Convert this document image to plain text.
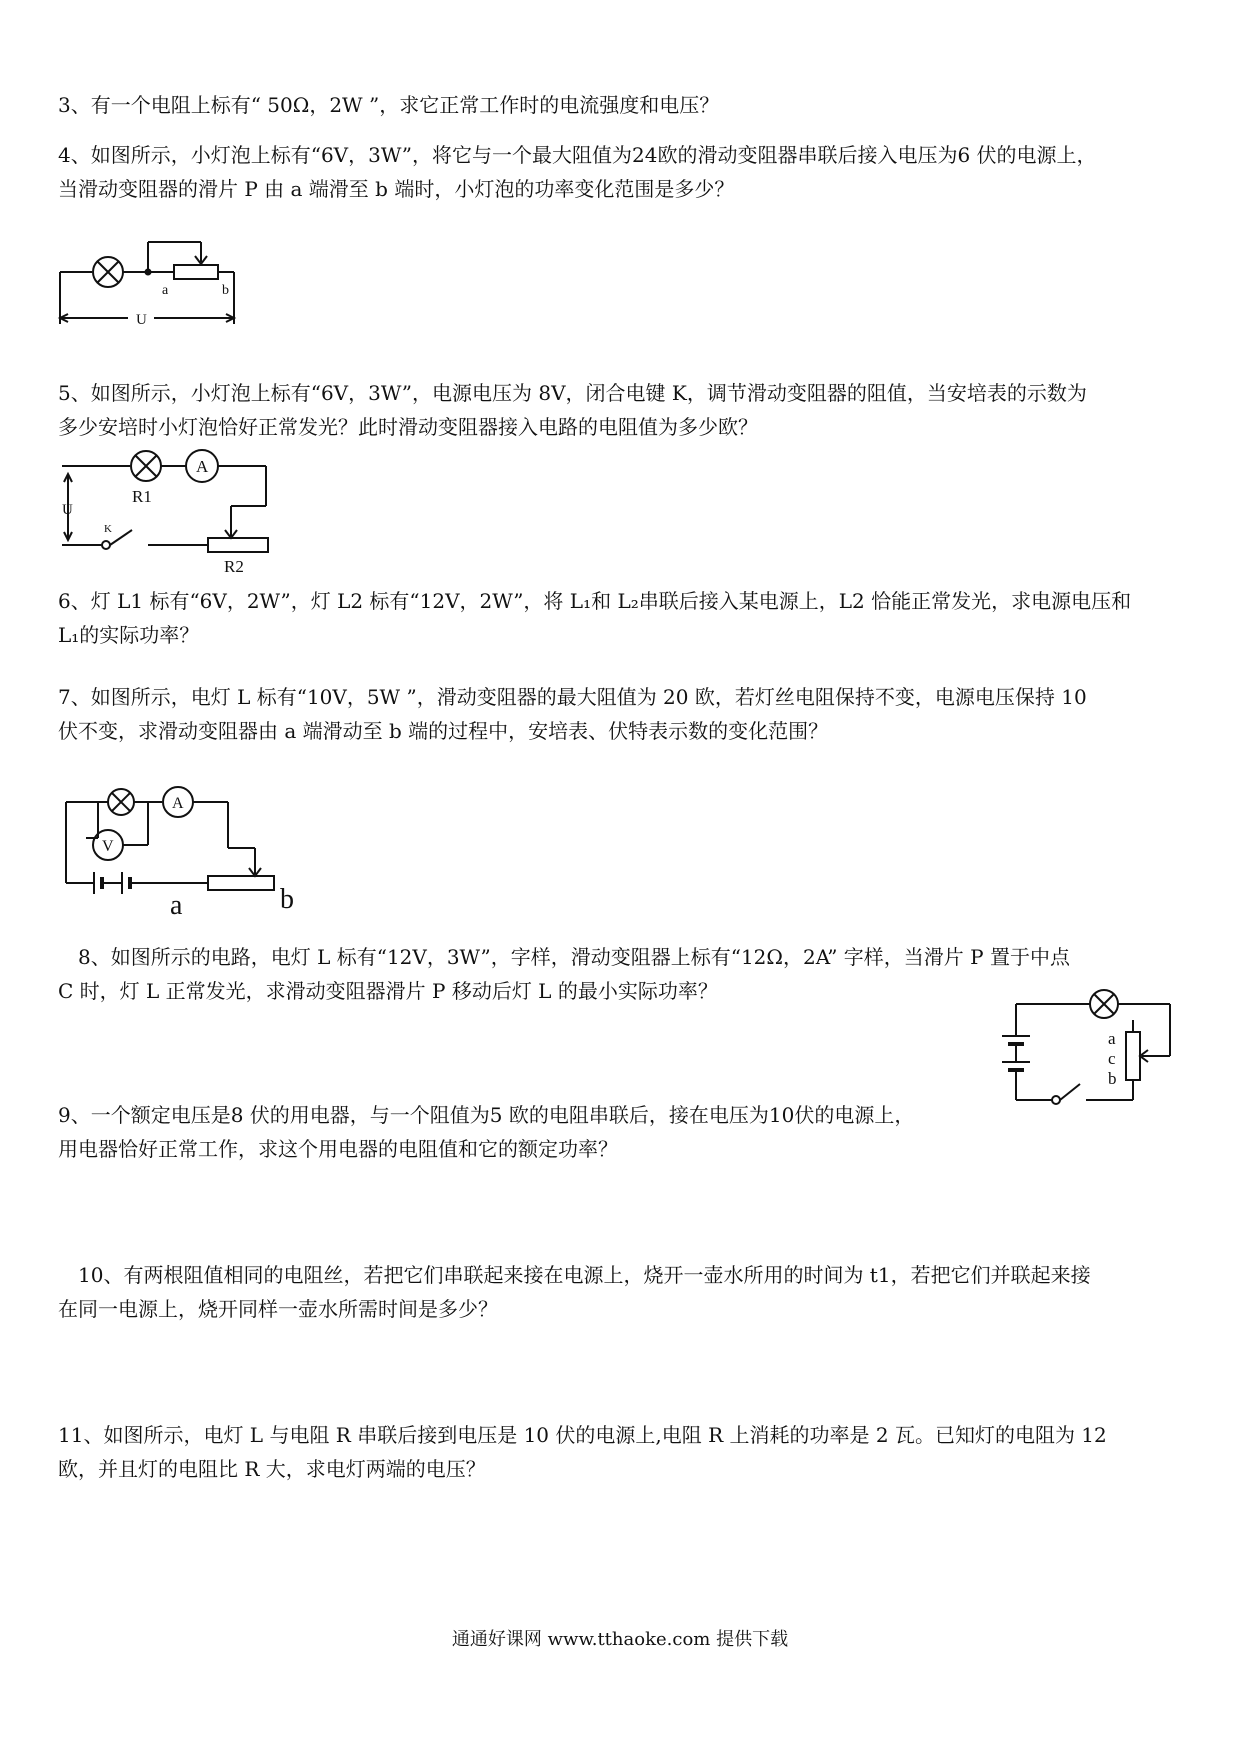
3、有一个电阻上标有“ 50Ω，2W ”，求它正常工作时的电流强度和电压？
4、如图所示，小灯泡上标有“6V，3W”，将它与一个最大阻值为24欧的滑动变阻器串联后接入电压为6 伏的电源上，
当滑动变阻器的滑片 P 由 a 端滑至 b 端时，小灯泡的功率变化范围是多少？
a	b
U
5、如图所示，小灯泡上标有“6V，3W”，电源电压为 8V，闭合电键 K，调节滑动变阻器的阻值，当安培表的示数为
多少安培时小灯泡恰好正常发光？此时滑动变阻器接入电路的电阻值为多少欧？
A
U
K
R1
R2
6、灯 L1 标有“6V，2W”，灯 L2 标有“12V，2W”，将 L₁和 L₂串联后接入某电源上，L2 恰能正常发光，求电源电压和
L₁的实际功率？
7、如图所示，电灯 L 标有“10V，5W ”，滑动变阻器的最大阻值为 20 欧，若灯丝电阻保持不变，电源电压保持 10
伏不变，求滑动变阻器由 a 端滑动至 b 端的过程中，安培表、伏特表示数的变化范围？
A
V
a	b
8、如图所示的电路，电灯 L 标有“12V，3W”，字样，滑动变阻器上标有“12Ω，2A” 字样，当滑片 P 置于中点
C 时，灯 L 正常发光，求滑动变阻器滑片 P 移动后灯 L 的最小实际功率？
a
c
b
9、一个额定电压是8 伏的用电器，与一个阻值为5 欧的电阻串联后，接在电压为10伏的电源上，
用电器恰好正常工作，求这个用电器的电阻值和它的额定功率？
10、有两根阻值相同的电阻丝，若把它们串联起来接在电源上，烧开一壶水所用的时间为 t1，若把它们并联起来接
在同一电源上，烧开同样一壶水所需时间是多少？
11、如图所示，电灯 L 与电阻 R 串联后接到电压是 10 伏的电源上,电阻 R 上消耗的功率是 2 瓦。已知灯的电阻为 12
欧，并且灯的电阻比 R 大，求电灯两端的电压？
通通好课网 www.tthaoke.com 提供下载
